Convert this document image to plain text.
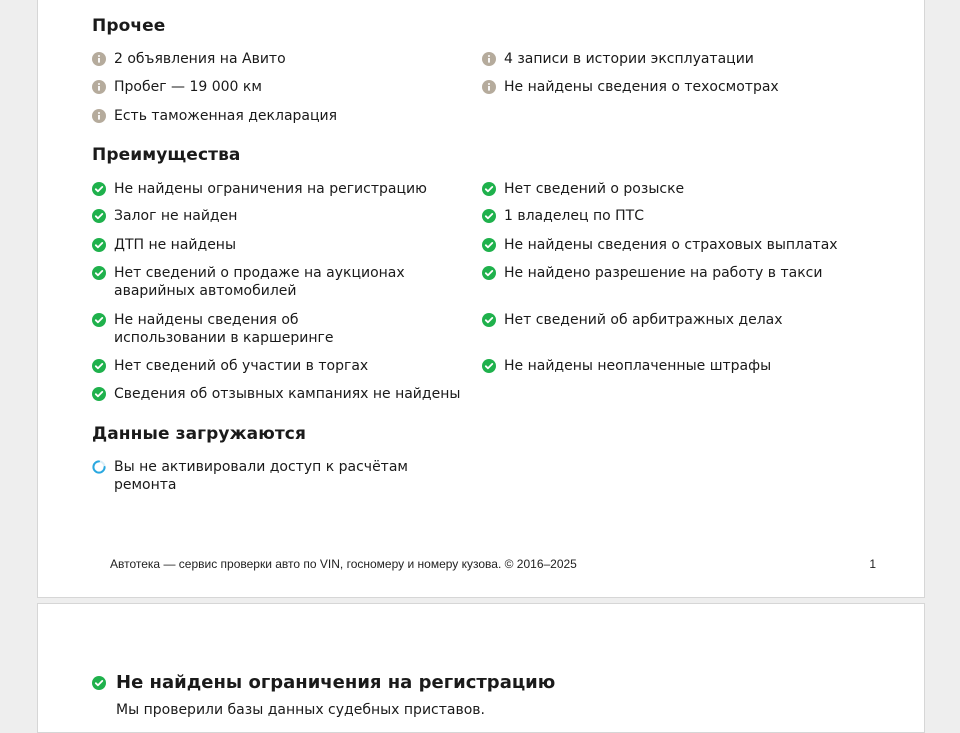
Прочее
2 объявления на Авито	4 записи в истории эксплуатации
Пробег — 19 000 км	Не найдены сведения о техосмотрах
Есть таможенная декларация
Преимущества
Не найдены ограничения на регистрацию	Нет сведений о розыске
Залог не найден	1 владелец по ПТС
ДТП не найдены	Не найдены сведения о страховых выплатах
Нет сведений о продаже на аукционах аварийных автомобилей
Не найдено разрешение на работу в такси
Не найдены сведения об использовании в каршеринге
Нет сведений об арбитражных делах
Нет сведений об участии в торгах	Не найдены неоплаченные штрафы
Сведения об отзывных кампаниях не найдены
Данные загружаются
Вы не активировали доступ к расчётам ремонта
Автотека — сервис проверки авто по VIN, госномеру и номеру кузова. © 2016–2025	1
Не найдены ограничения на регистрацию
Мы проверили базы данных судебных приставов.
